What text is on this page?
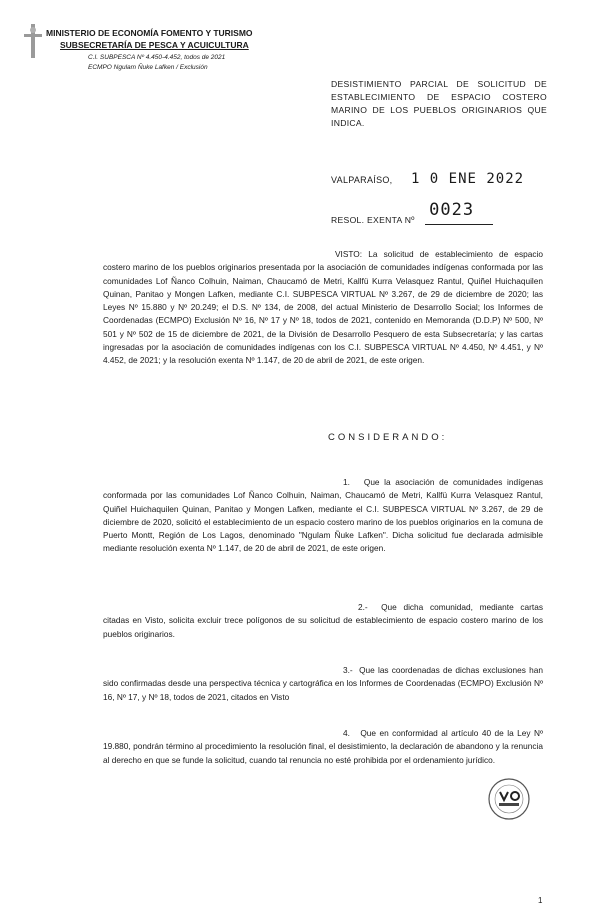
MINISTERIO DE ECONOMÍA FOMENTO Y TURISMO
SUBSECRETARÍA DE PESCA Y ACUICULTURA
C.I. SUBPESCA Nº 4.450-4.452, todos de 2021
ECMPO Ngulam Ñuke Lafken / Exclusión
DESISTIMIENTO PARCIAL DE SOLICITUD DE ESTABLECIMIENTO DE ESPACIO COSTERO MARINO DE LOS PUEBLOS ORIGINARIOS QUE INDICA.
VALPARAÍSO, 1 0 ENE 2022
RESOL. EXENTA Nº 0023
VISTO: La solicitud de establecimiento de espacio costero marino de los pueblos originarios presentada por la asociación de comunidades indígenas conformada por las comunidades Lof Ñanco Colhuin, Naiman, Chaucamó de Metri, Kallfü Kurra Velasquez Rantul, Quiñel Huichaquilen Quinan, Panitao y Mongen Lafken, mediante C.I. SUBPESCA VIRTUAL Nº 3.267, de 29 de diciembre de 2020; las Leyes Nº 15.880 y Nº 20.249; el D.S. Nº 134, de 2008, del actual Ministerio de Desarrollo Social; los Informes de Coordenadas (ECMPO) Exclusión Nº 16, Nº 17 y Nº 18, todos de 2021, contenido en Memoranda (D.D.P) Nº 500, Nº 501 y Nº 502 de 15 de diciembre de 2021, de la División de Desarrollo Pesquero de esta Subsecretaría; y las cartas ingresadas por la asociación de comunidades indígenas con los C.I. SUBPESCA VIRTUAL Nº 4.450, Nº 4.451, y Nº 4.452, de 2021; y la resolución exenta Nº 1.147, de 20 de abril de 2021, de este origen.
CONSIDERANDO:
1. Que la asociación de comunidades indígenas conformada por las comunidades Lof Ñanco Colhuin, Naiman, Chaucamó de Metri, Kallfü Kurra Velasquez Rantul, Quiñel Huichaquilen Quinan, Panitao y Mongen Lafken, mediante el C.I. SUBPESCA VIRTUAL Nº 3.267, de 29 de diciembre de 2020, solicitó el establecimiento de un espacio costero marino de los pueblos originarios en la comuna de Puerto Montt, Región de Los Lagos, denominado "Ngulam Ñuke Lafken". Dicha solicitud fue declarada admisible mediante resolución exenta Nº 1.147, de 20 de abril de 2021, de este origen.
2.- Que dicha comunidad, mediante cartas citadas en Visto, solicita excluir trece polígonos de su solicitud de establecimiento de espacio costero marino de los pueblos originarios.
3.- Que las coordenadas de dichas exclusiones han sido confirmadas desde una perspectiva técnica y cartográfica en los Informes de Coordenadas (ECMPO) Exclusión Nº 16, Nº 17, y Nº 18, todos de 2021, citados en Visto
4. Que en conformidad al artículo 40 de la Ley Nº 19.880, pondrán término al procedimiento la resolución final, el desistimiento, la declaración de abandono y la renuncia al derecho en que se funde la solicitud, cuando tal renuncia no esté prohibida por el ordenamiento jurídico.
1
